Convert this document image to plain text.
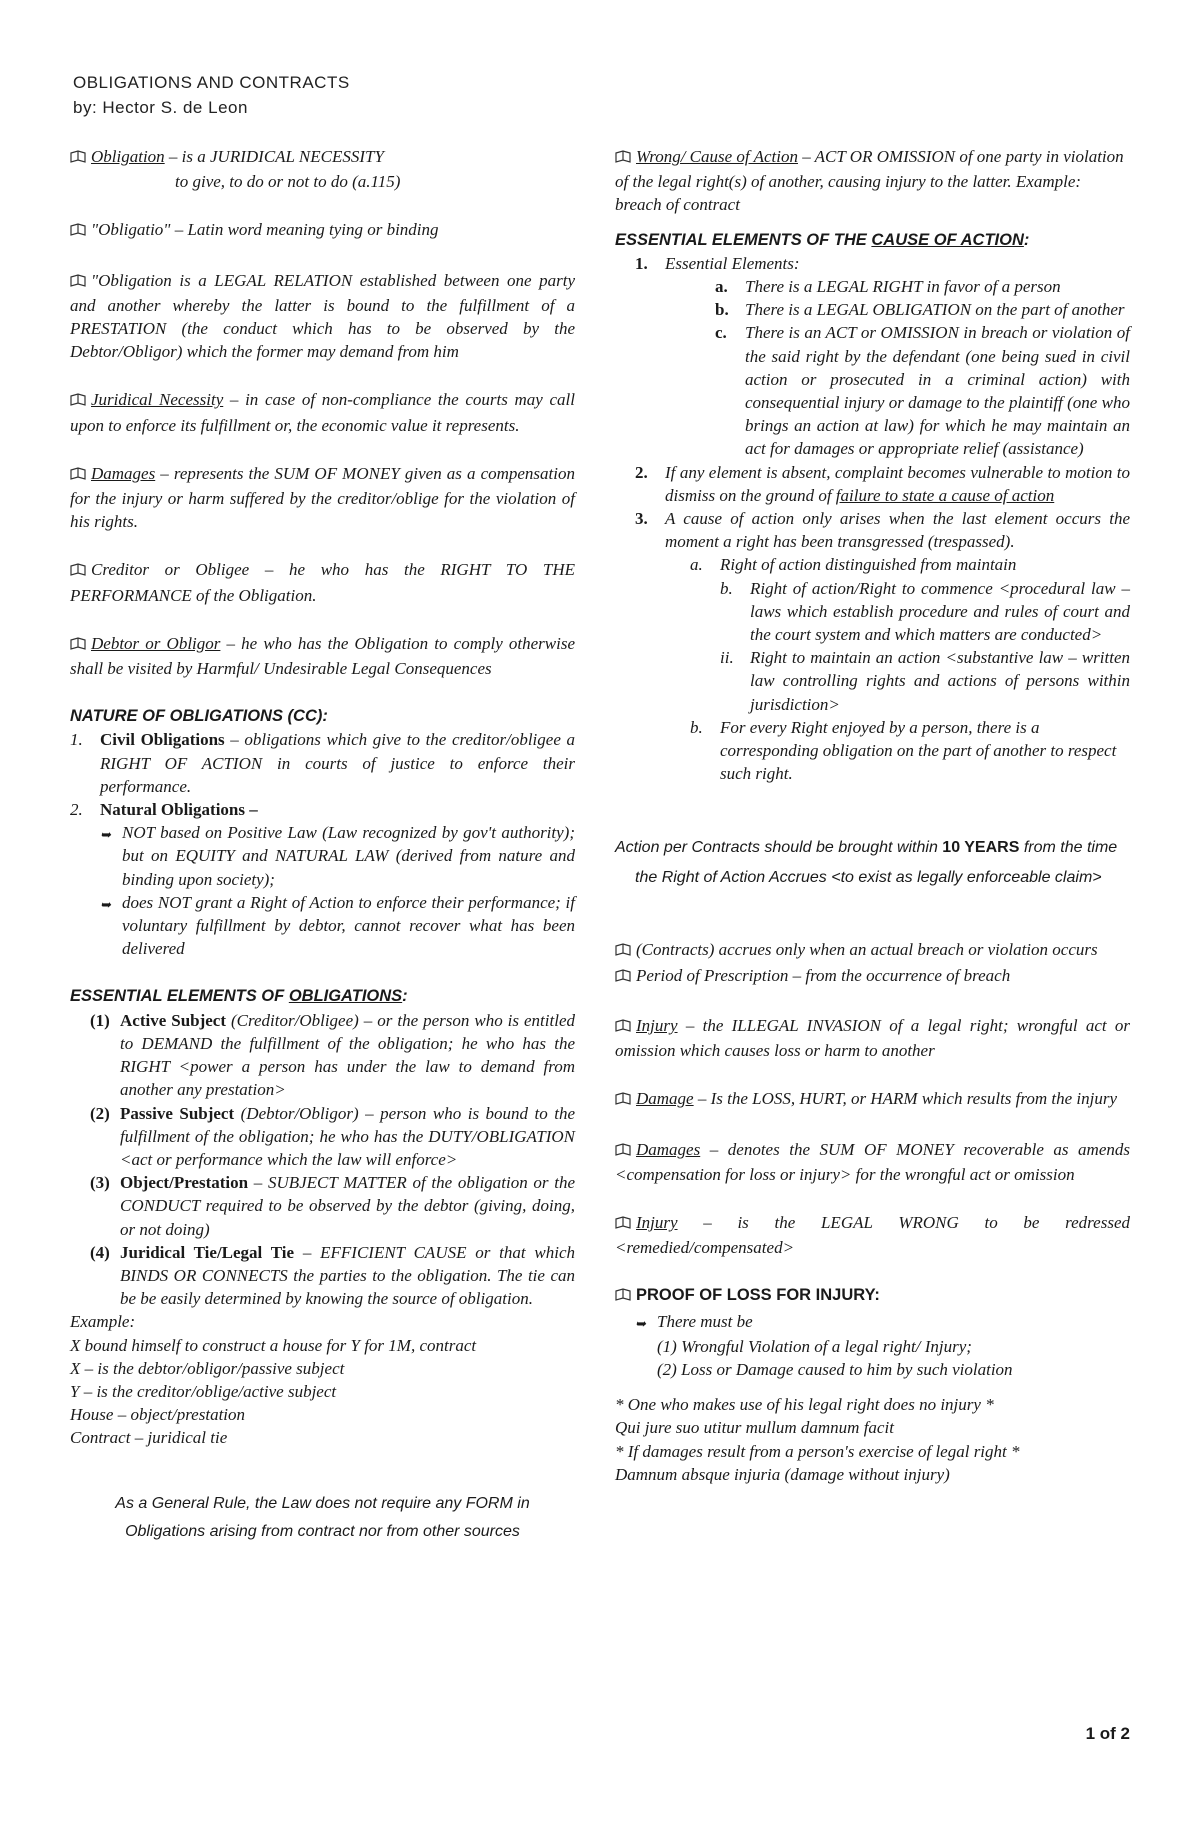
OBLIGATIONS AND CONTRACTS
by: Hector S. de Leon

Obligation – is a JURIDICAL NECESSITY

to give, to do or not to do (a.115)

"Obligatio" – Latin word meaning tying or binding

"Obligation is a LEGAL RELATION established between one party and another whereby the latter is bound to the fulfillment of a PRESTATION (the conduct which has to be observed by the Debtor/Obligor) which the former may demand from him

Juridical Necessity – in case of non-compliance the courts may call upon to enforce its fulfillment or, the economic value it represents.

Damages – represents the SUM OF MONEY given as a compensation for the injury or harm suffered by the creditor/oblige for the violation of his rights.

Creditor or Obligee – he who has the RIGHT TO THE PERFORMANCE of the Obligation.

Debtor or Obligor – he who has the Obligation to comply otherwise shall be visited by Harmful/ Undesirable Legal Consequences

NATURE OF OBLIGATIONS (CC):

1.	Civil Obligations – obligations which give to the creditor/obligee a RIGHT OF ACTION in courts of justice to enforce their performance.
2.	Natural Obligations –
➥ NOT based on Positive Law (Law recognized by gov't authority); but on EQUITY and NATURAL LAW (derived from nature and binding upon society);
➥ does NOT grant a Right of Action to enforce their performance; if voluntary fulfillment by debtor, cannot recover what has been delivered

ESSENTIAL ELEMENTS OF OBLIGATIONS:

(1) Active Subject (Creditor/Obligee) – or the person who is entitled to DEMAND the fulfillment of the obligation; he who has the RIGHT <power a person has under the law to demand from another any prestation>
(2) Passive Subject (Debtor/Obligor) – person who is bound to the fulfillment of the obligation; he who has the DUTY/OBLIGATION <act or performance which the law will enforce>
(3) Object/Prestation – SUBJECT MATTER of the obligation or the CONDUCT required to be observed by the debtor (giving, doing, or not doing)
(4) Juridical Tie/Legal Tie – EFFICIENT CAUSE or that which BINDS OR CONNECTS the parties to the obligation. The tie can be be easily determined by knowing the source of obligation.
Example:
X bound himself to construct a house for Y for 1M, contract
X – is the debtor/obligor/passive subject
Y – is the creditor/oblige/active subject
House – object/prestation
Contract – juridical tie
As a General Rule, the Law does not require any FORM in
Obligations arising from contract nor from other sources

Wrong/ Cause of Action – ACT OR OMISSION of one party in violation of the legal right(s) of another, causing injury to the latter. Example: breach of contract

ESSENTIAL ELEMENTS OF THE CAUSE OF ACTION:

1.	Essential Elements:
a.	There is a LEGAL RIGHT in favor of a person
b. There is a LEGAL OBLIGATION on the part of another
c.	There is an ACT or OMISSION in breach or violation of the said right by the defendant (one being sued in civil action or prosecuted in a criminal action) with consequential injury or damage to the plaintiff (one who brings an action at law) for which he may maintain an act for damages or appropriate relief (assistance)
2.	If any element is absent, complaint becomes vulnerable to motion to dismiss on the ground of failure to state a cause of action
3.	A cause of action only arises when the last element occurs the moment a right has been transgressed (trespassed).
a.	Right of action distinguished from maintain
b.	Right of action/Right to commence <procedural law – laws which establish procedure and rules of court and the court system and which matters are conducted>
ii. Right to maintain an action <substantive law – written law controlling rights and actions of persons within jurisdiction>
b.	For every Right enjoyed by a person, there is a corresponding obligation on the part of another to respect such right.
Action per Contracts should be brought within 10 YEARS from the time
the Right of Action Accrues <to exist as legally enforceable claim>

(Contracts) accrues only when an actual breach or violation occurs

Period of Prescription – from the occurrence of breach

Injury – the ILLEGAL INVASION of a legal right; wrongful act or omission which causes loss or harm to another

Damage – Is the LOSS, HURT, or HARM which results from the injury

Damages – denotes the SUM OF MONEY recoverable as amends <compensation for loss or injury> for the wrongful act or omission

Injury – is the LEGAL WRONG to be redressed <remedied/compensated>

PROOF OF LOSS FOR INJURY:

➥ There must be
(1) Wrongful Violation of a legal right/ Injury;
(2) Loss or Damage caused to him by such violation
* One who makes use of his legal right does no injury *
Qui jure suo utitur mullum damnum facit
* If damages result from a person's exercise of legal right *
Damnum absque injuria (damage without injury)
1 of 2
